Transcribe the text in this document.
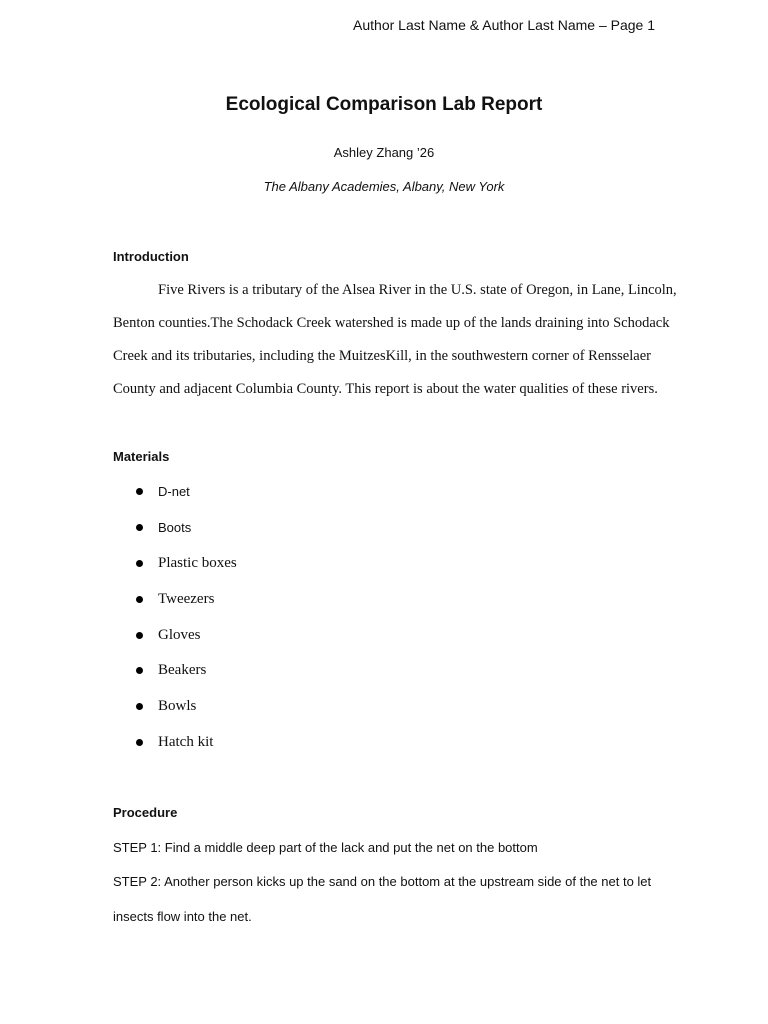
Author Last Name & Author Last Name – Page 1
Ecological Comparison Lab Report
Ashley Zhang ’26
The Albany Academies, Albany, New York
Introduction
Five Rivers is a tributary of the Alsea River in the U.S. state of Oregon, in Lane, Lincoln,
Benton counties.The Schodack Creek watershed is made up of the lands draining into Schodack
Creek and its tributaries, including the MuitzesKill, in the southwestern corner of Rensselaer
County and adjacent Columbia County. This report is about the water qualities of these rivers.
Materials
D-net
Boots
Plastic boxes
Tweezers
Gloves
Beakers
Bowls
Hatch kit
Procedure
STEP 1: Find a middle deep part of the lack and put the net on the bottom
STEP 2: Another person kicks up the sand on the bottom at the upstream side of the net to let
insects flow into the net.
